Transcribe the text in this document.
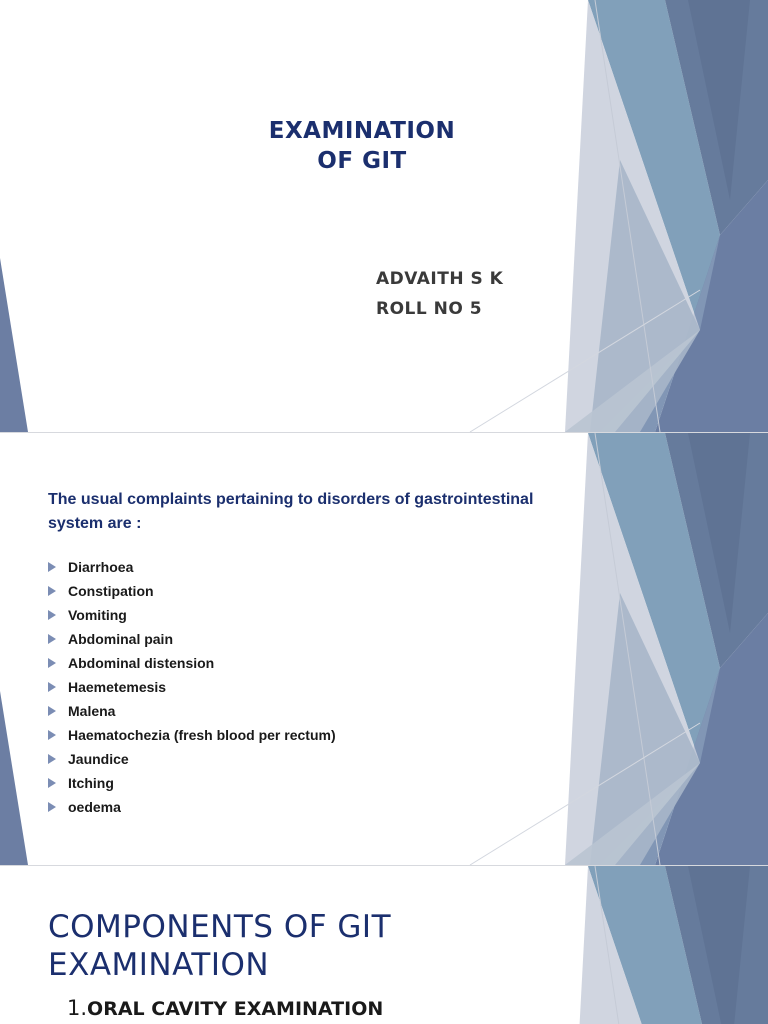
EXAMINATION
OF GIT
ADVAITH S K
ROLL NO 5
The usual complaints pertaining to disorders of gastrointestinal
system are :
Diarrhoea
Constipation
Vomiting
Abdominal pain
Abdominal distension
Haemetemesis
Malena
Haematochezia (fresh blood per rectum)
Jaundice
Itching
oedema
COMPONENTS OF GIT
EXAMINATION
1.ORAL CAVITY EXAMINATION
